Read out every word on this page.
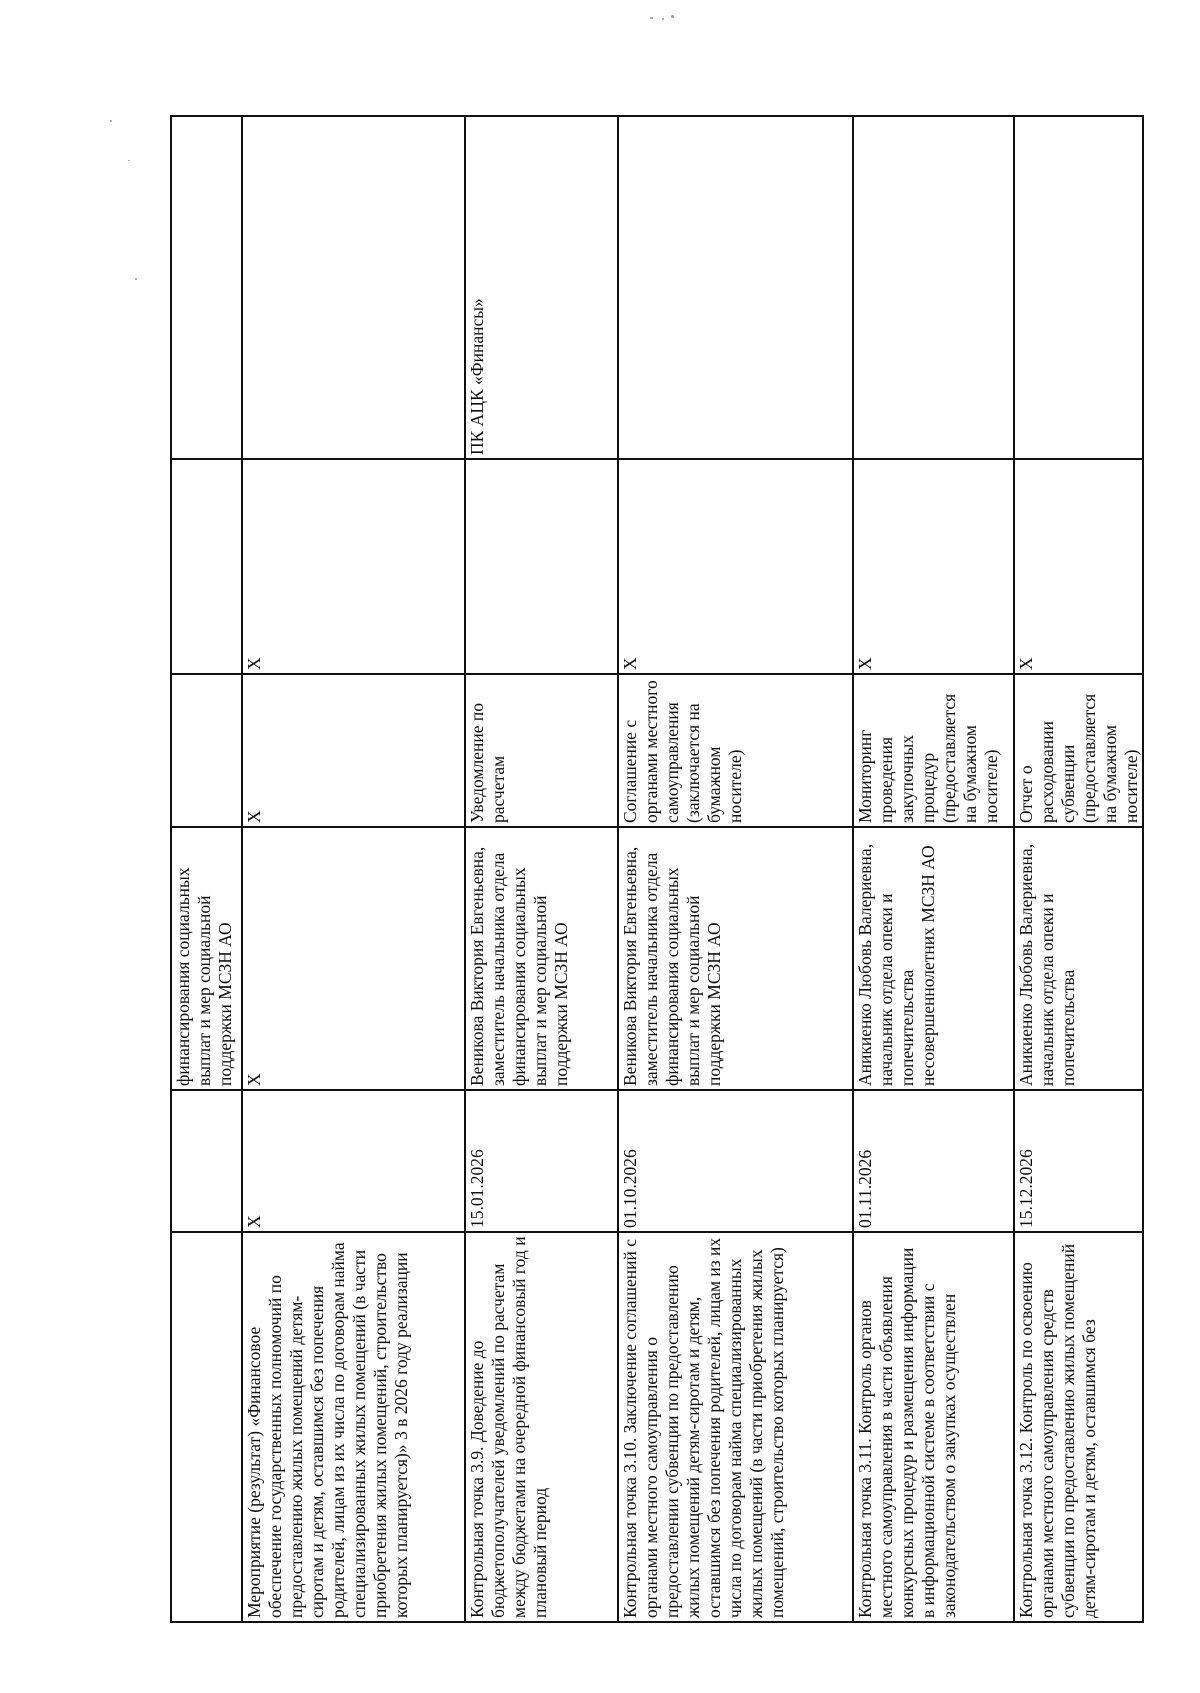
		финансирования социальных выплат и мер социальной поддержки МСЗН АО			

Мероприятие (результат) «Финансовое обеспечение государственных полномочий по предоставлению жилых помещений детям-сиротам и детям, оставшимся без попечения родителей, лицам из их числа по договорам найма специализированных жилых помещений (в части приобретения жилых помещений, строительство которых планируется)» 3 в 2026 году реализации	Х	Х	Х	Х	

Контрольная точка 3.9. Доведение до бюджетополучателей уведомлений по расчетам между бюджетами на очередной финансовый год и плановый период	15.01.2026	Веникова Виктория Евгеньевна, заместитель начальника отдела финансирования социальных выплат и мер социальной поддержки МСЗН АО	Уведомление по расчетам		ПК АЦК «Финансы»

Контрольная точка 3.10. Заключение соглашений с органами местного самоуправления о предоставлении субвенции по предоставлению жилых помещений детям-сиротам и детям, оставшимся без попечения родителей, лицам из их числа по договорам найма специализированных жилых помещений (в части приобретения жилых помещений, строительство которых планируется)	01.10.2026	Веникова Виктория Евгеньевна, заместитель начальника отдела финансирования социальных выплат и мер социальной поддержки МСЗН АО	Соглашение с органами местного самоуправления (заключается на бумажном носителе)	Х	

Контрольная точка 3.11. Контроль органов местного самоуправления в части объявления конкурсных процедур и размещения информации в информационной системе в соответствии с законодательством о закупках осуществлен	01.11.2026	Аникиенко Любовь Валериевна, начальник отдела опеки и попечительства несовершеннолетних МСЗН АО	Мониторинг проведения закупочных процедур (предоставляется на бумажном носителе)	Х	

Контрольная точка 3.12. Контроль по освоению органами местного самоуправления средств субвенции по предоставлению жилых помещений детям-сиротам и детям, оставшимся без	15.12.2026	Аникиенко Любовь Валериевна, начальник отдела опеки и попечительства	Отчет о расходовании субвенции (предоставляется на бумажном носителе)	Х	
